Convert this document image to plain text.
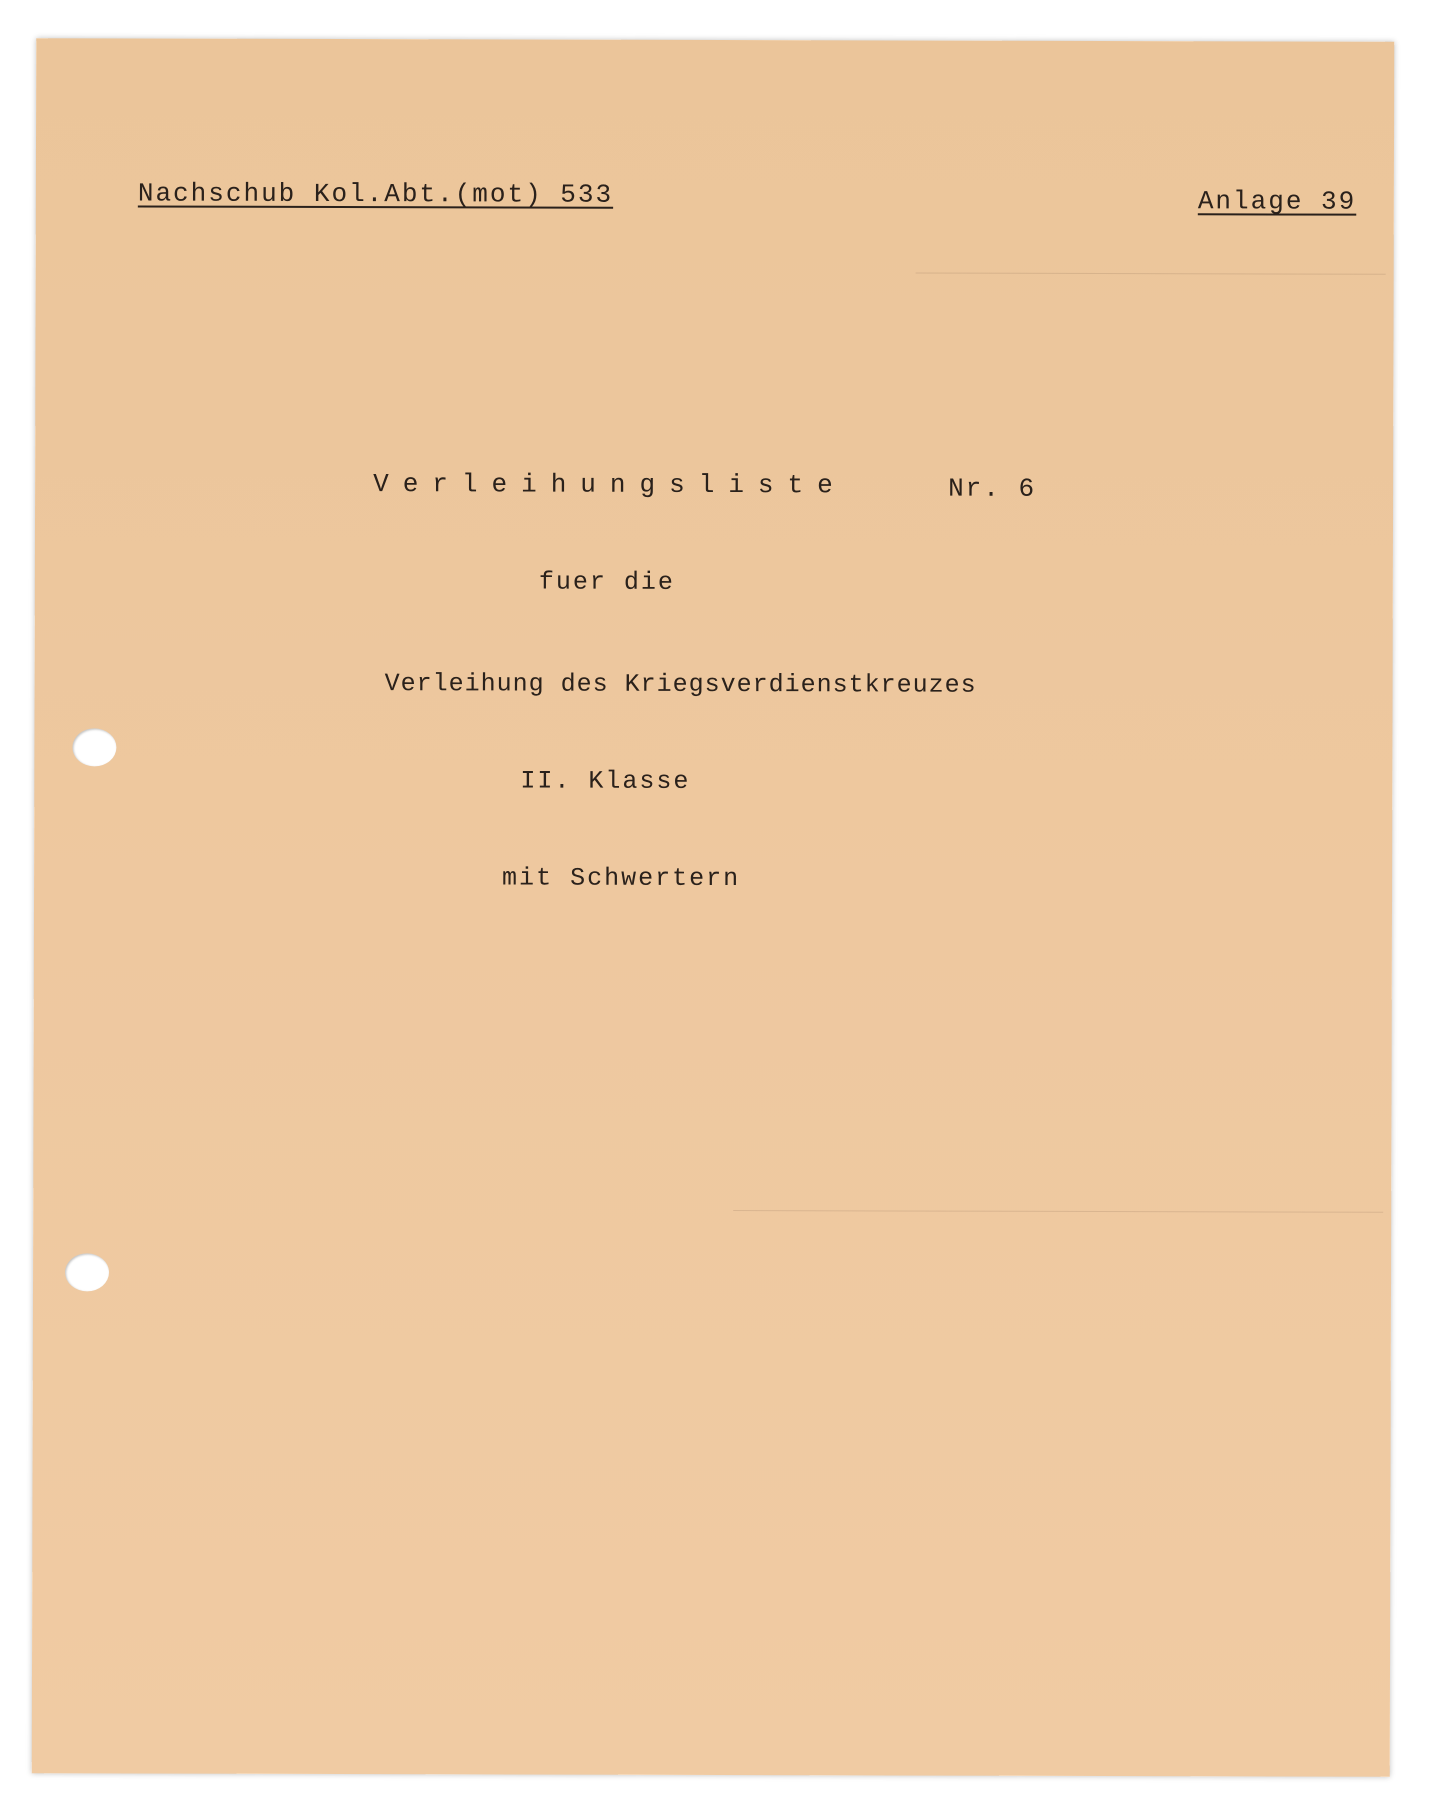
Nachschub Kol.Abt.(mot) 533	Anlage 39
Verleihungsliste	Nr. 6
fuer die
Verleihung des Kriegsverdienstkreuzes
II. Klasse
mit Schwertern
